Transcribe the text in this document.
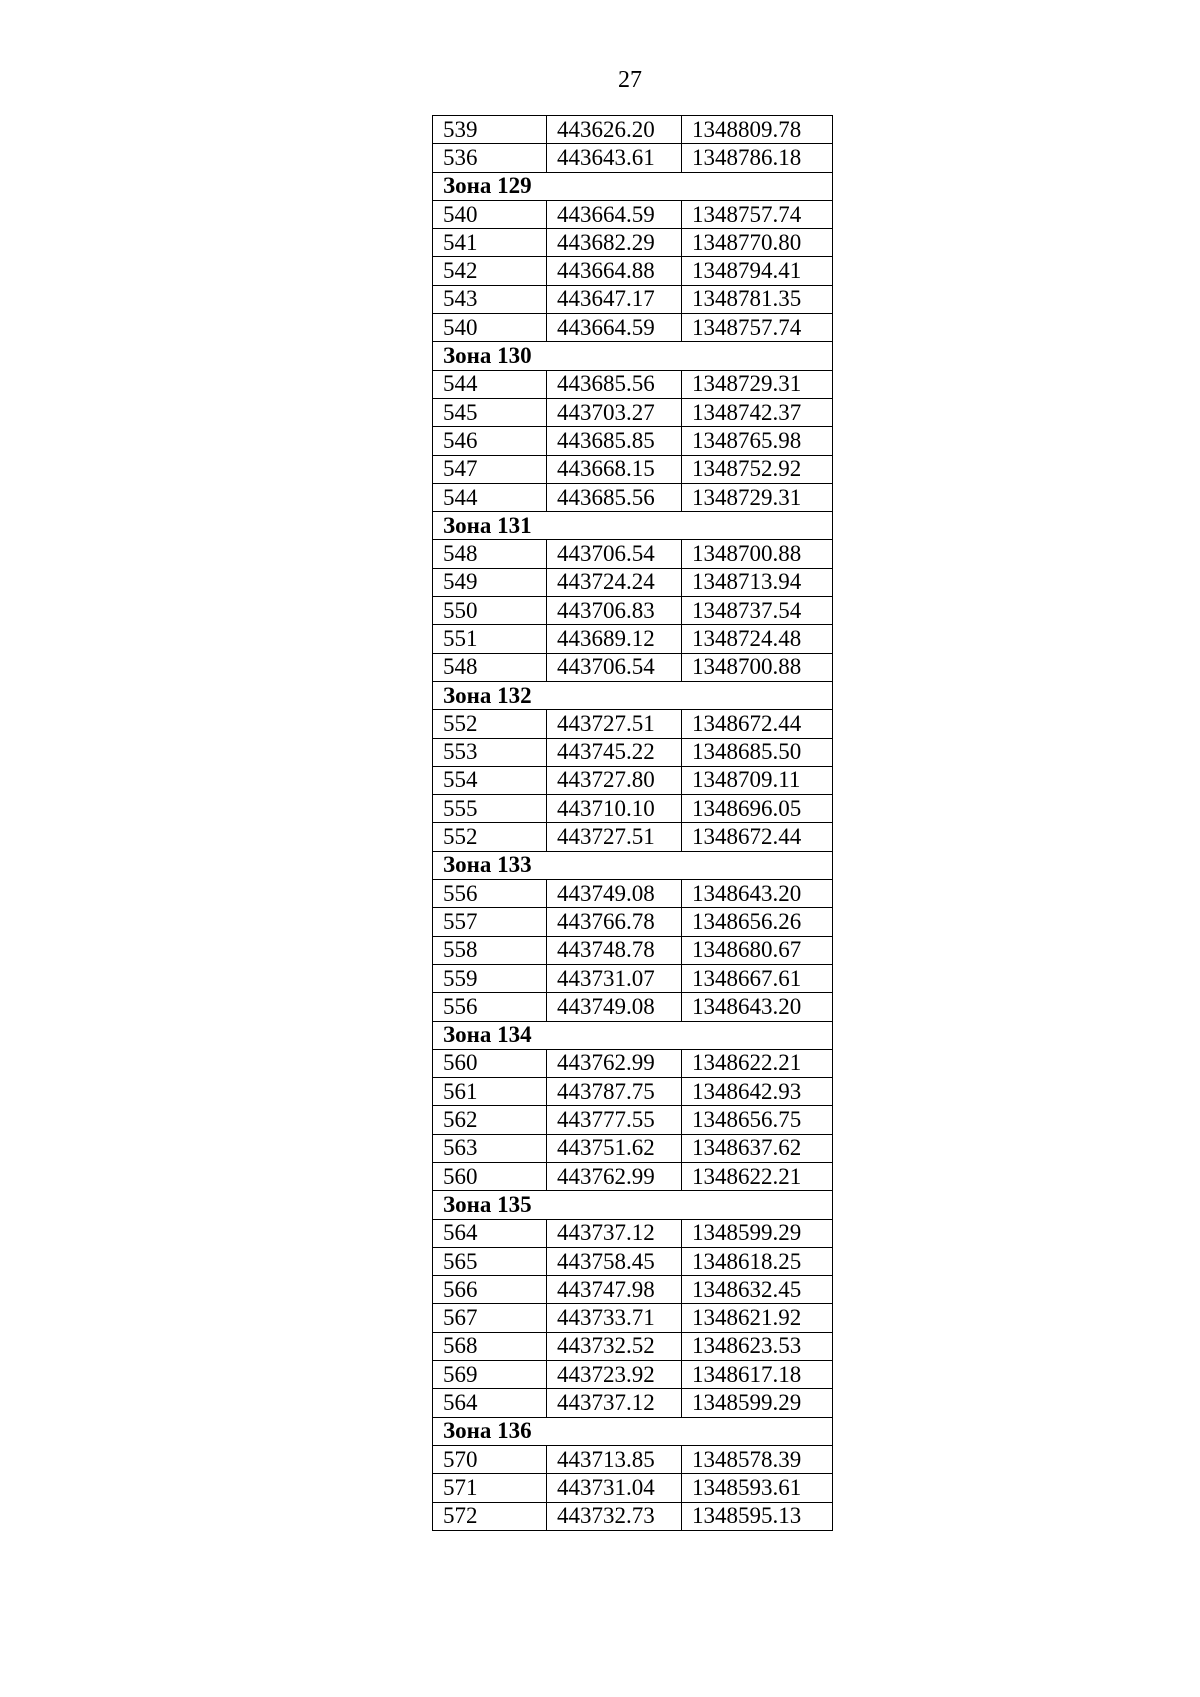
27
539	443626.20	1348809.78
536	443643.61	1348786.18
Зона 129		
540	443664.59	1348757.74
541	443682.29	1348770.80
542	443664.88	1348794.41
543	443647.17	1348781.35
540	443664.59	1348757.74
Зона 130		
544	443685.56	1348729.31
545	443703.27	1348742.37
546	443685.85	1348765.98
547	443668.15	1348752.92
544	443685.56	1348729.31
Зона 131		
548	443706.54	1348700.88
549	443724.24	1348713.94
550	443706.83	1348737.54
551	443689.12	1348724.48
548	443706.54	1348700.88
Зона 132		
552	443727.51	1348672.44
553	443745.22	1348685.50
554	443727.80	1348709.11
555	443710.10	1348696.05
552	443727.51	1348672.44
Зона 133		
556	443749.08	1348643.20
557	443766.78	1348656.26
558	443748.78	1348680.67
559	443731.07	1348667.61
556	443749.08	1348643.20
Зона 134		
560	443762.99	1348622.21
561	443787.75	1348642.93
562	443777.55	1348656.75
563	443751.62	1348637.62
560	443762.99	1348622.21
Зона 135		
564	443737.12	1348599.29
565	443758.45	1348618.25
566	443747.98	1348632.45
567	443733.71	1348621.92
568	443732.52	1348623.53
569	443723.92	1348617.18
564	443737.12	1348599.29
Зона 136		
570	443713.85	1348578.39
571	443731.04	1348593.61
572	443732.73	1348595.13
